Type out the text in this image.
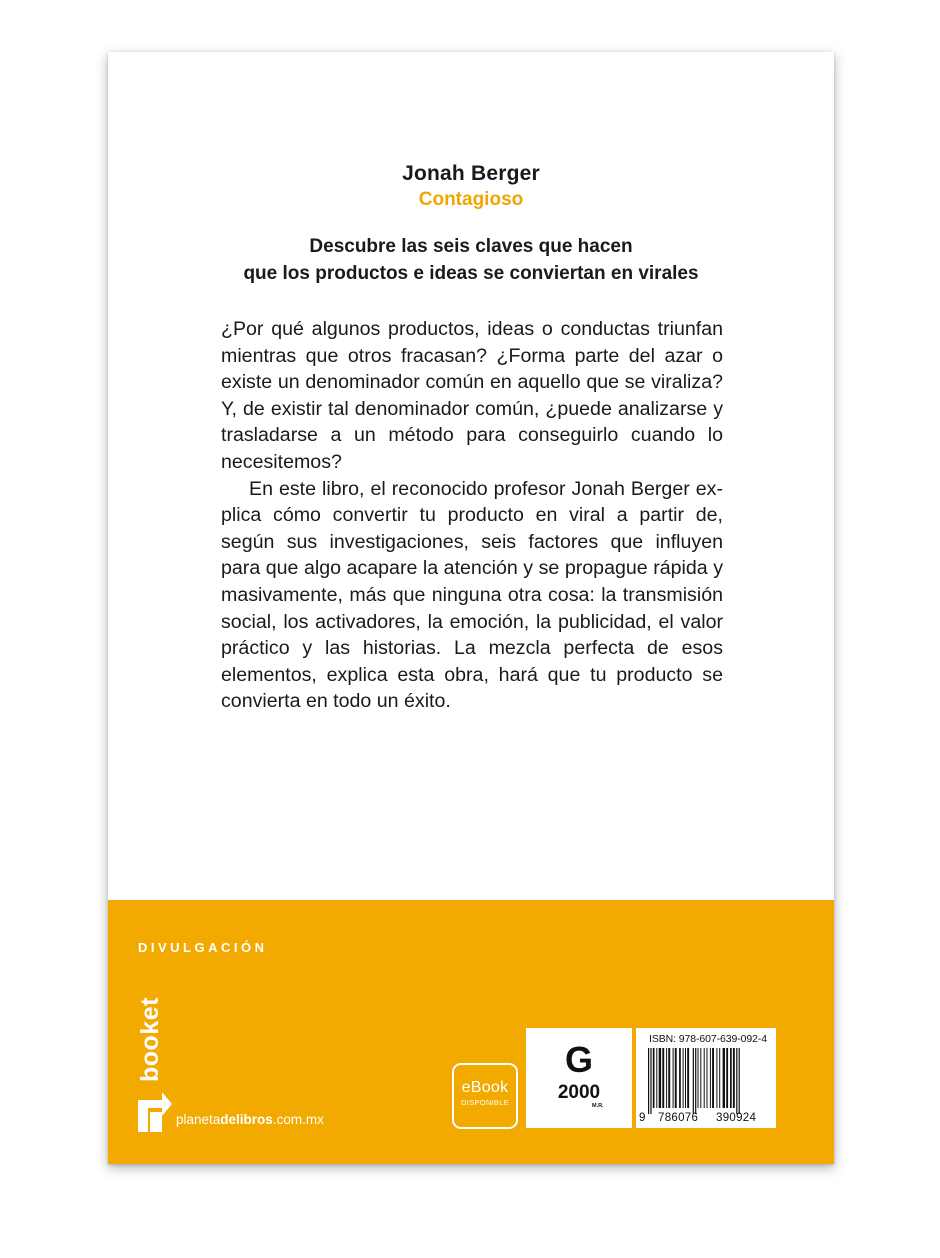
Jonah Berger
Contagioso
Descubre las seis claves que hacen
que los productos e ideas se conviertan en virales

¿Por qué algunos productos, ideas o conductas triunfan mientras que otros fracasan? ¿Forma parte del azar o existe un denominador común en aquello que se viraliza? Y, de existir tal denominador común, ¿puede analizarse y trasladarse a un método para conseguirlo cuando lo necesitemos?

En este libro, el reconocido profesor Jonah Berger explica cómo convertir tu producto en viral a partir de, según sus investigaciones, seis factores que influyen para que algo acapare la atención y se propague rápida y masivamente, más que ninguna otra cosa: la transmisión social, los activadores, la emoción, la publicidad, el valor práctico y las historias. La mezcla perfecta de esos elementos, explica esta obra, hará que tu producto se convierta en todo un éxito.

DIVULGACIÓN
booket
M.R.
planetadelibros.com.mx
eBook
DISPONIBLE
G
2000
M.R.
ISBN: 978-607-639-092-4
9 786076 390924
